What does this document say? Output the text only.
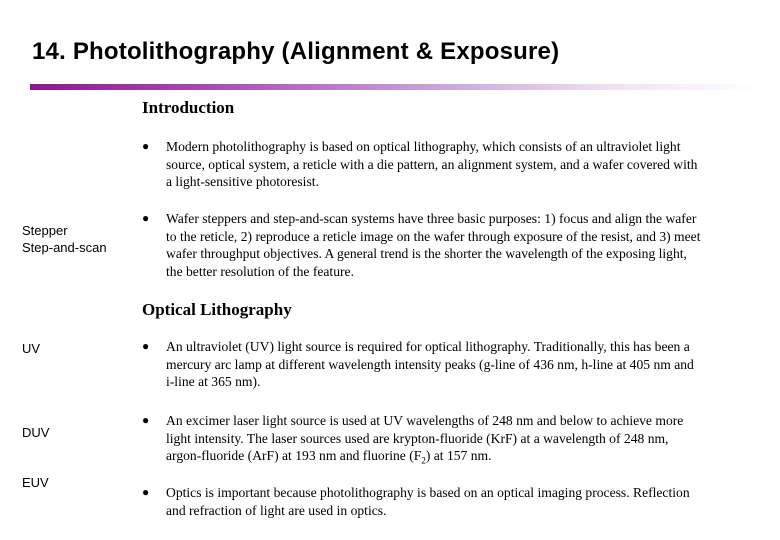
14. Photolithography (Alignment & Exposure)
Stepper
Step-and-scan
UV
DUV
EUV
Introduction
●	Modern photolithography is based on optical lithography, which consists of an ultraviolet light source, optical system, a reticle with a die pattern, an alignment system, and a wafer covered with a light-sensitive photoresist.
●	Wafer steppers and step-and-scan systems have three basic purposes: 1) focus and align the wafer to the reticle, 2) reproduce a reticle image on the wafer through exposure of the resist, and 3) meet wafer throughput objectives. A general trend is the shorter the wavelength of the exposing light, the better resolution of the feature.
Optical Lithography
●	An ultraviolet (UV) light source is required for optical lithography. Traditionally, this has been a mercury arc lamp at different wavelength intensity peaks (g-line of 436 nm, h-line at 405 nm and i-line at 365 nm).
●	An excimer laser light source is used at UV wavelengths of 248 nm and below to achieve more light intensity. The laser sources used are krypton-fluoride (KrF) at a wavelength of 248 nm, argon-fluoride (ArF) at 193 nm and fluorine $(F_2)$ at 157 nm.
●	Optics is important because photolithography is based on an optical imaging process. Reflection and refraction of light are used in optics.
